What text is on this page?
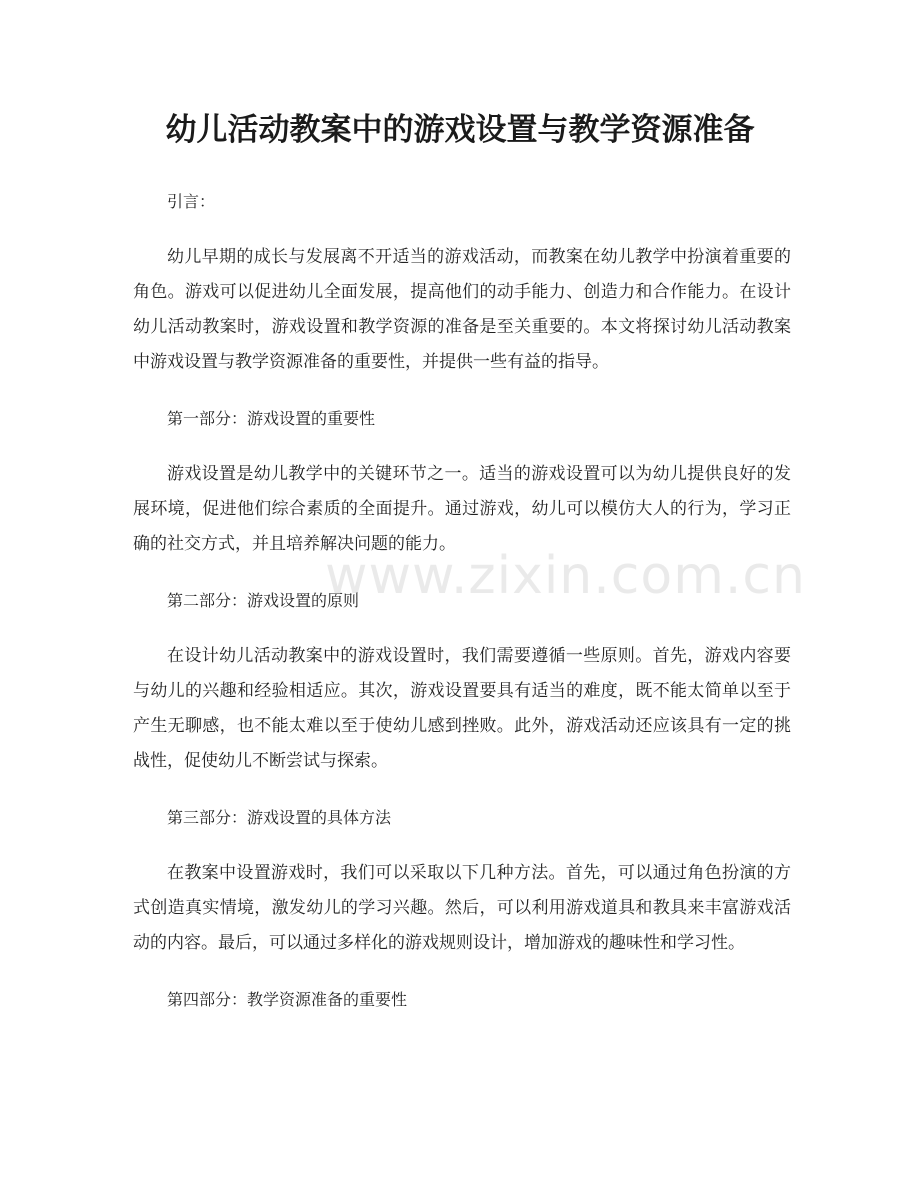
幼儿活动教案中的游戏设置与教学资源准备

引言：

幼儿早期的成长与发展离不开适当的游戏活动，而教案在幼儿教学中扮演着重要的角色。游戏可以促进幼儿全面发展，提高他们的动手能力、创造力和合作能力。在设计幼儿活动教案时，游戏设置和教学资源的准备是至关重要的。本文将探讨幼儿活动教案中游戏设置与教学资源准备的重要性，并提供一些有益的指导。

第一部分：游戏设置的重要性

游戏设置是幼儿教学中的关键环节之一。适当的游戏设置可以为幼儿提供良好的发展环境，促进他们综合素质的全面提升。通过游戏，幼儿可以模仿大人的行为，学习正确的社交方式，并且培养解决问题的能力。

第二部分：游戏设置的原则

在设计幼儿活动教案中的游戏设置时，我们需要遵循一些原则。首先，游戏内容要与幼儿的兴趣和经验相适应。其次，游戏设置要具有适当的难度，既不能太简单以至于产生无聊感，也不能太难以至于使幼儿感到挫败。此外，游戏活动还应该具有一定的挑战性，促使幼儿不断尝试与探索。

第三部分：游戏设置的具体方法

在教案中设置游戏时，我们可以采取以下几种方法。首先，可以通过角色扮演的方式创造真实情境，激发幼儿的学习兴趣。然后，可以利用游戏道具和教具来丰富游戏活动的内容。最后，可以通过多样化的游戏规则设计，增加游戏的趣味性和学习性。

第四部分：教学资源准备的重要性

www.zixin.com.cn
